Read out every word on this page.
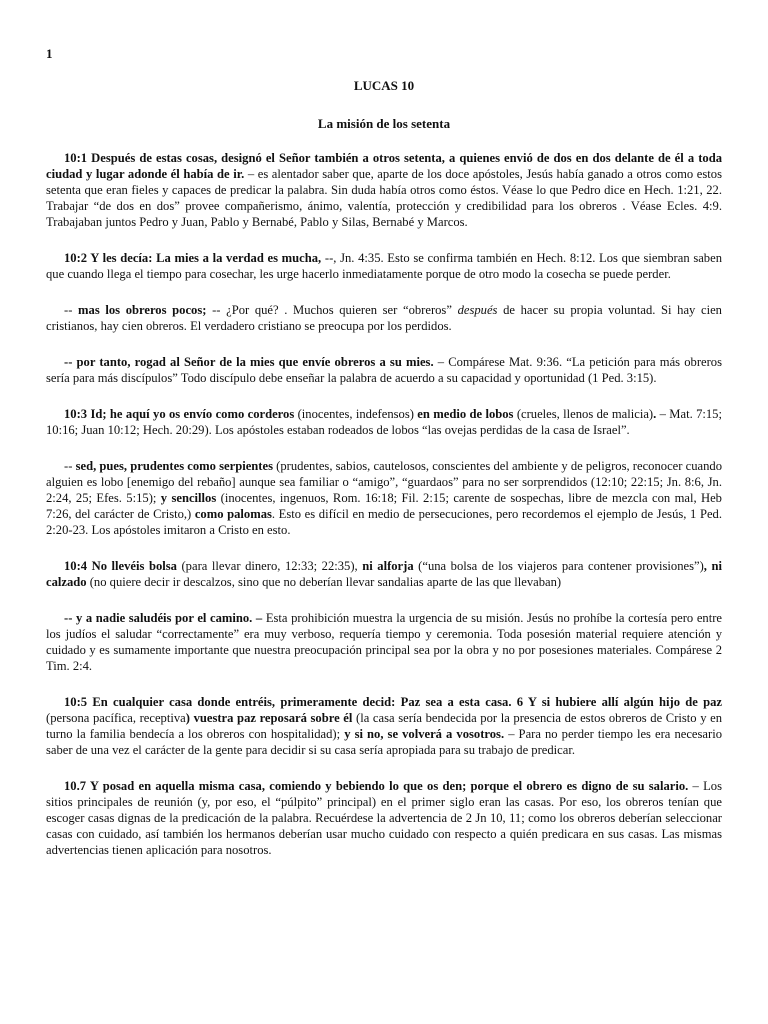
1
LUCAS 10
La misión de los setenta

10:1 Después de estas cosas, designó el Señor también a otros setenta, a quienes envió de dos en dos delante de él a toda ciudad y lugar adonde él había de ir. – es alentador saber que, aparte de los doce apóstoles, Jesús había ganado a otros como estos setenta que eran fieles y capaces de predicar la palabra. Sin duda había otros como éstos. Véase lo que Pedro dice en Hech. 1:21, 22. Trabajar “de dos en dos” provee compañerismo, ánimo, valentía, protección y credibilidad para los obreros . Véase Ecles. 4:9. Trabajaban juntos Pedro y Juan, Pablo y Bernabé, Pablo y Silas, Bernabé y Marcos.

10:2 Y les decía: La mies a la verdad es mucha, --, Jn. 4:35. Esto se confirma también en Hech. 8:12. Los que siembran saben que cuando llega el tiempo para cosechar, les urge hacerlo inmediatamente porque de otro modo la cosecha se puede perder.

-- mas los obreros pocos; -- ¿Por qué? . Muchos quieren ser “obreros” después de hacer su propia voluntad. Si hay cien cristianos, hay cien obreros. El verdadero cristiano se preocupa por los perdidos.

-- por tanto, rogad al Señor de la mies que envíe obreros a su mies. – Compárese Mat. 9:36. “La petición para más obreros sería para más discípulos” Todo discípulo debe enseñar la palabra de acuerdo a su capacidad y oportunidad (1 Ped. 3:15).

10:3 Id; he aquí yo os envío como corderos (inocentes, indefensos) en medio de lobos (crueles, llenos de malicia). – Mat. 7:15; 10:16; Juan 10:12; Hech. 20:29). Los apóstoles estaban rodeados de lobos “las ovejas perdidas de la casa de Israel”.

-- sed, pues, prudentes como serpientes (prudentes, sabios, cautelosos, conscientes del ambiente y de peligros, reconocer cuando alguien es lobo [enemigo del rebaño] aunque sea familiar o “amigo”, “guardaos” para no ser sorprendidos (12:10; 22:15; Jn. 8:6, Jn. 2:24, 25; Efes. 5:15); y sencillos (inocentes, ingenuos, Rom. 16:18; Fil. 2:15; carente de sospechas, libre de mezcla con mal, Heb 7:26, del carácter de Cristo,) como palomas. Esto es difícil en medio de persecuciones, pero recordemos el ejemplo de Jesús, 1 Ped. 2:20-23. Los apóstoles imitaron a Cristo en esto.

10:4 No llevéis bolsa (para llevar dinero, 12:33; 22:35), ni alforja (“una bolsa de los viajeros para contener provisiones”), ni calzado (no quiere decir ir descalzos, sino que no deberían llevar sandalias aparte de las que llevaban)

-- y a nadie saludéis por el camino. – Esta prohibición muestra la urgencia de su misión. Jesús no prohíbe la cortesía pero entre los judíos el saludar “correctamente” era muy verboso, requería tiempo y ceremonia. Toda posesión material requiere atención y cuidado y es sumamente importante que nuestra preocupación principal sea por la obra y no por posesiones materiales. Compárese 2 Tim. 2:4.

10:5 En cualquier casa donde entréis, primeramente decid: Paz sea a esta casa. 6 Y si hubiere allí algún hijo de paz (persona pacífica, receptiva) vuestra paz reposará sobre él (la casa sería bendecida por la presencia de estos obreros de Cristo y en turno la familia bendecía a los obreros con hospitalidad); y si no, se volverá a vosotros. – Para no perder tiempo les era necesario saber de una vez el carácter de la gente para decidir si su casa sería apropiada para su trabajo de predicar.

10.7 Y posad en aquella misma casa, comiendo y bebiendo lo que os den; porque el obrero es digno de su salario. – Los sitios principales de reunión (y, por eso, el “púlpito” principal) en el primer siglo eran las casas. Por eso, los obreros tenían que escoger casas dignas de la predicación de la palabra. Recuérdese la advertencia de 2 Jn 10, 11; como los obreros deberían seleccionar casas con cuidado, así también los hermanos deberían usar mucho cuidado con respecto a quién predicara en sus casas. Las mismas advertencias tienen aplicación para nosotros.
